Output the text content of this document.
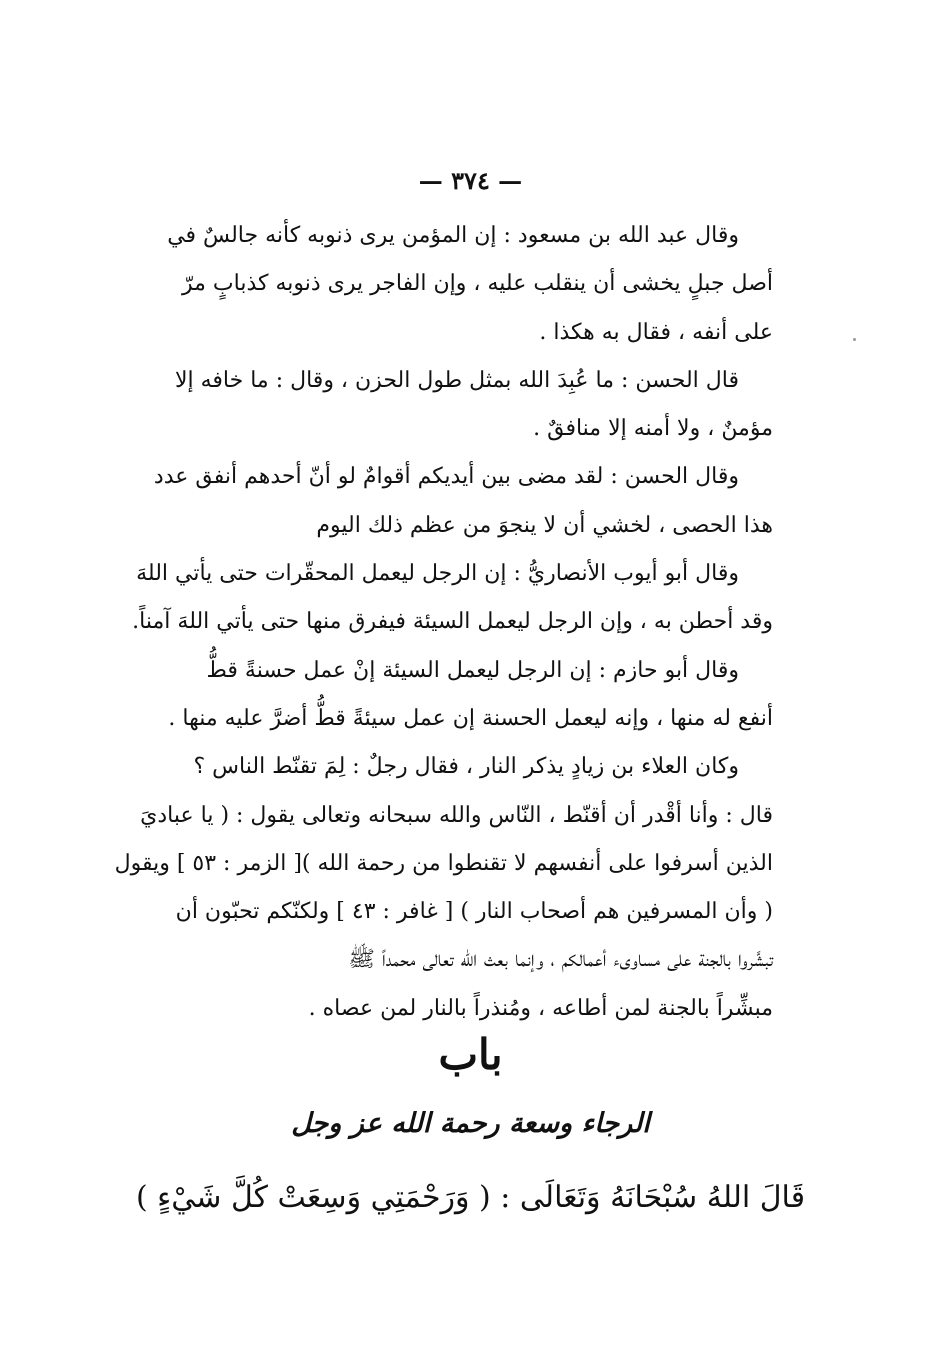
— ٣٧٤ —
وقال عبد الله بن مسعود : إن المؤمن يرى ذنوبه كأنه جالسٌ في
أصل جبلٍ يخشى أن ينقلب عليه ، وإن الفاجر يرى ذنوبه كذبابٍ مرّ
على أنفه ، فقال به هكذا .
قال الحسن : ما عُبِدَ الله بمثل طول الحزن ، وقال : ما خافه إلا
مؤمنٌ ، ولا أمنه إلا منافقٌ .
وقال الحسن : لقد مضى بين أيديكم أقوامٌ لو أنّ أحدهم أنفق عدد
هذا الحصى ، لخشي أن لا ينجوَ من عظم ذلك اليوم
وقال أبو أيوب الأنصاريُّ : إن الرجل ليعمل المحقّرات حتى يأتي اللهَ
وقد أحطن به ، وإن الرجل ليعمل السيئة فيفرق منها حتى يأتي اللهَ آمناً.
وقال أبو حازم : إن الرجل ليعمل السيئة إنْ عمل حسنةً قطُّ
أنفع له منها ، وإنه ليعمل الحسنة إن عمل سيئةً قطُّ أضرَّ عليه منها .
وكان العلاء بن زيادٍ يذكر النار ، فقال رجلٌ : لِمَ تقنّط الناس ؟
قال : وأنا أقْدر أن أقنّط ، النّاس والله سبحانه وتعالى يقول : ( يا عباديَ
الذين أسرفوا على أنفسهم لا تقنطوا من رحمة الله )[ الزمر : ٥٣ ] ويقول
( وأن المسرفين هم أصحاب النار ) [ غافر : ٤٣ ] ولكنّكم تحبّون أن
تبشَّروا بالجنة على مساوىء أعمالكم ، وإنما بعث الله تعالى محمداً ﷺ
مبشِّراً بالجنة لمن أطاعه ، ومُنذراً بالنار لمن عصاه .
باب
الرجاء وسعة رحمة الله عز وجل
قَالَ اللهُ سُبْحَانَهُ وَتَعَالَى : ( وَرَحْمَتِي وَسِعَتْ كُلَّ شَيْءٍ )
